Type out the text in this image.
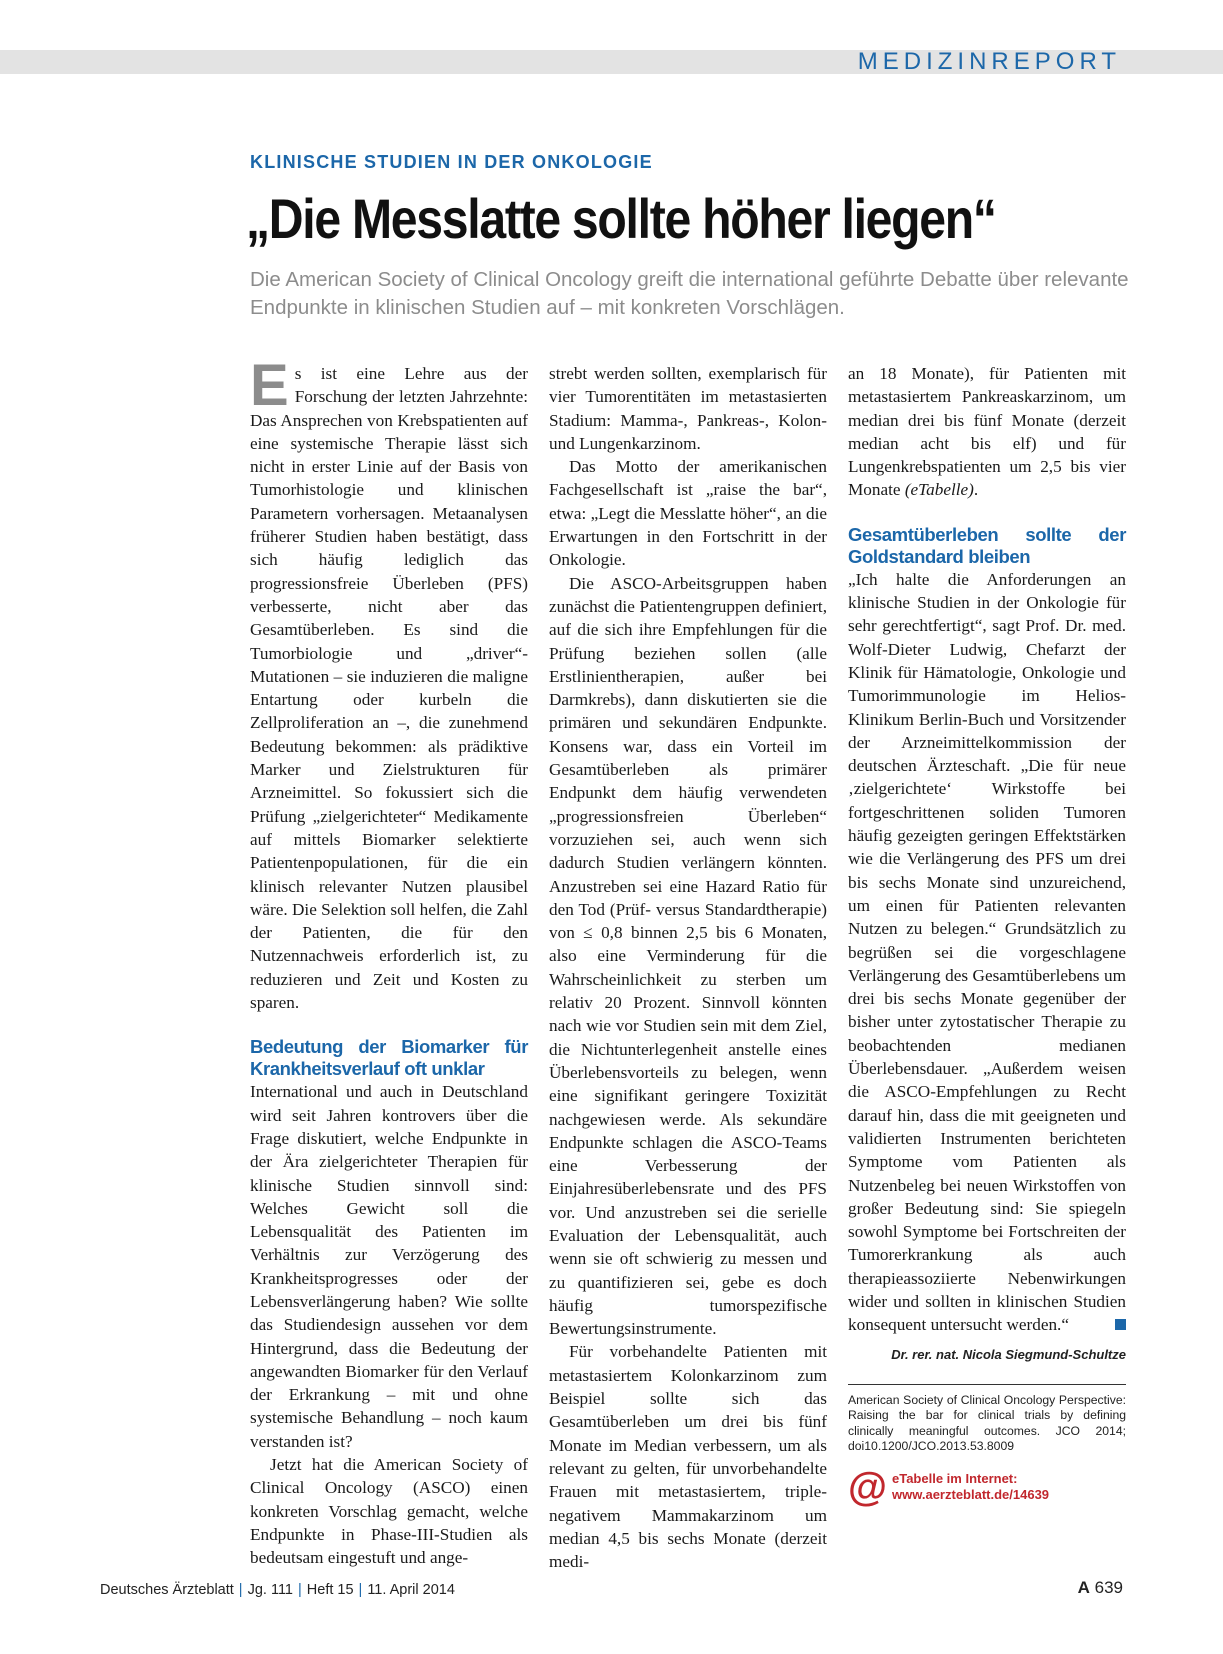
MEDIZINREPORT
KLINISCHE STUDIEN IN DER ONKOLOGIE
„Die Messlatte sollte höher liegen“

Die American Society of Clinical Oncology greift die international geführte Debatte über relevante Endpunkte in klinischen Studien auf – mit konkreten Vorschlägen.

Es ist eine Lehre aus der Forschung der letzten Jahrzehnte: Das Ansprechen von Krebspatienten auf eine systemische Therapie lässt sich nicht in erster Linie auf der Basis von Tumorhistologie und klinischen Parametern vorhersagen. Metaanalysen früherer Studien haben bestätigt, dass sich häufig lediglich das progressionsfreie Überleben (PFS) verbesserte, nicht aber das Gesamtüberleben. Es sind die Tumorbiologie und „driver“-Mutationen – sie induzieren die maligne Entartung oder kurbeln die Zellproliferation an –, die zunehmend Bedeutung bekommen: als prädiktive Marker und Zielstrukturen für Arzneimittel. So fokussiert sich die Prüfung „zielgerichteter“ Medikamente auf mittels Biomarker selektierte Patientenpopulationen, für die ein klinisch relevanter Nutzen plausibel wäre. Die Selektion soll helfen, die Zahl der Patienten, die für den Nutzennachweis erforderlich ist, zu reduzieren und Zeit und Kosten zu sparen.

Bedeutung der Biomarker für Krankheitsverlauf oft unklar

International und auch in Deutschland wird seit Jahren kontrovers über die Frage diskutiert, welche Endpunkte in der Ära zielgerichteter Therapien für klinische Studien sinnvoll sind: Welches Gewicht soll die Lebensqualität des Patienten im Verhältnis zur Verzögerung des Krankheitsprogresses oder der Lebensverlängerung haben? Wie sollte das Studiendesign aussehen vor dem Hintergrund, dass die Bedeutung der angewandten Biomarker für den Verlauf der Erkrankung – mit und ohne systemische Behandlung – noch kaum verstanden ist?

Jetzt hat die American Society of Clinical Oncology (ASCO) einen konkreten Vorschlag gemacht, welche Endpunkte in Phase-III-Studien als bedeutsam eingestuft und ange-

strebt werden sollten, exemplarisch für vier Tumorentitäten im metastasierten Stadium: Mamma-, Pankreas-, Kolon- und Lungenkarzinom.

Das Motto der amerikanischen Fachgesellschaft ist „raise the bar“, etwa: „Legt die Messlatte höher“, an die Erwartungen in den Fortschritt in der Onkologie.

Die ASCO-Arbeitsgruppen haben zunächst die Patientengruppen definiert, auf die sich ihre Empfehlungen für die Prüfung beziehen sollen (alle Erstlinientherapien, außer bei Darmkrebs), dann diskutierten sie die primären und sekundären Endpunkte. Konsens war, dass ein Vorteil im Gesamtüberleben als primärer Endpunkt dem häufig verwendeten „progressionsfreien Überleben“ vorzuziehen sei, auch wenn sich dadurch Studien verlängern könnten. Anzustreben sei eine Hazard Ratio für den Tod (Prüf- versus Standardtherapie) von ≤ 0,8 binnen 2,5 bis 6 Monaten, also eine Verminderung für die Wahrscheinlichkeit zu sterben um relativ 20 Prozent. Sinnvoll könnten nach wie vor Studien sein mit dem Ziel, die Nichtunterlegenheit anstelle eines Überlebensvorteils zu belegen, wenn eine signifikant geringere Toxizität nachgewiesen werde. Als sekundäre Endpunkte schlagen die ASCO-Teams eine Verbesserung der Einjahresüberlebensrate und des PFS vor. Und anzustreben sei die serielle Evaluation der Lebensqualität, auch wenn sie oft schwierig zu messen und zu quantifizieren sei, gebe es doch häufig tumorspezifische Bewertungsinstrumente.

Für vorbehandelte Patienten mit metastasiertem Kolonkarzinom zum Beispiel sollte sich das Gesamtüberleben um drei bis fünf Monate im Median verbessern, um als relevant zu gelten, für unvorbehandelte Frauen mit metastasiertem, triple-negativem Mammakarzinom um median 4,5 bis sechs Monate (derzeit medi-

an 18 Monate), für Patienten mit metastasiertem Pankreaskarzinom, um median drei bis fünf Monate (derzeit median acht bis elf) und für Lungenkrebspatienten um 2,5 bis vier Monate (eTabelle).

Gesamtüberleben sollte der Goldstandard bleiben

„Ich halte die Anforderungen an klinische Studien in der Onkologie für sehr gerechtfertigt“, sagt Prof. Dr. med. Wolf-Dieter Ludwig, Chefarzt der Klinik für Hämatologie, Onkologie und Tumorimmunologie im Helios-Klinikum Berlin-Buch und Vorsitzender der Arzneimittelkommission der deutschen Ärzteschaft. „Die für neue ‚zielgerichtete‘ Wirkstoffe bei fortgeschrittenen soliden Tumoren häufig gezeigten geringen Effektstärken wie die Verlängerung des PFS um drei bis sechs Monate sind unzureichend, um einen für Patienten relevanten Nutzen zu belegen.“ Grundsätzlich zu begrüßen sei die vorgeschlagene Verlängerung des Gesamtüberlebens um drei bis sechs Monate gegenüber der bisher unter zytostatischer Therapie zu beobachtenden medianen Überlebensdauer. „Außerdem weisen die ASCO-Empfehlungen zu Recht darauf hin, dass die mit geeigneten und validierten Instrumenten berichteten Symptome vom Patienten als Nutzenbeleg bei neuen Wirkstoffen von großer Bedeutung sind: Sie spiegeln sowohl Symptome bei Fortschreiten der Tumorerkrankung als auch therapieassoziierte Nebenwirkungen wider und sollten in klinischen Studien konsequent untersucht werden.“

Dr. rer. nat. Nicola Siegmund-Schultze
American Society of Clinical Oncology Perspective: Raising the bar for clinical trials by defining clinically meaningful outcomes. JCO 2014; doi10.1200/JCO.2013.53.8009
@ eTabelle im Internet:
www.aerzteblatt.de/14639
Deutsches Ärzteblatt | Jg. 111 | Heft 15 | 11. April 2014	A 639
